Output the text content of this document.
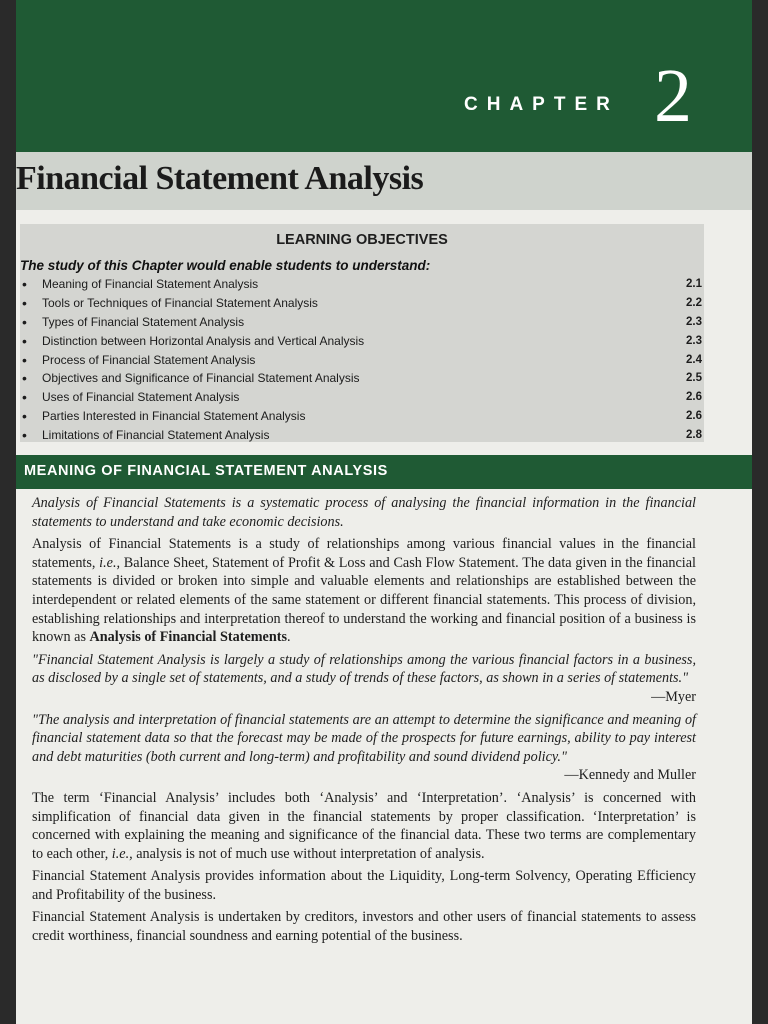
CHAPTER 2
Financial Statement Analysis
LEARNING OBJECTIVES
The study of this Chapter would enable students to understand:
•	Meaning of Financial Statement Analysis	2.1
•	Tools or Techniques of Financial Statement Analysis	2.2
•	Types of Financial Statement Analysis	2.3
•	Distinction between Horizontal Analysis and Vertical Analysis	2.3
•	Process of Financial Statement Analysis	2.4
•	Objectives and Significance of Financial Statement Analysis	2.5
•	Uses of Financial Statement Analysis	2.6
•	Parties Interested in Financial Statement Analysis	2.6
•	Limitations of Financial Statement Analysis	2.8
MEANING OF FINANCIAL STATEMENT ANALYSIS

Analysis of Financial Statements is a systematic process of analysing the financial information in the financial statements to understand and take economic decisions.

Analysis of Financial Statements is a study of relationships among various financial values in the financial statements, i.e., Balance Sheet, Statement of Profit & Loss and Cash Flow Statement. The data given in the financial statements is divided or broken into simple and valuable elements and relationships are established between the interdependent or related elements of the same statement or different financial statements. This process of division, establishing relationships and interpretation thereof to understand the working and financial position of a business is known as Analysis of Financial Statements.

"Financial Statement Analysis is largely a study of relationships among the various financial factors in a business, as disclosed by a single set of statements, and a study of trends of these factors, as shown in a series of statements."

—Myer

"The analysis and interpretation of financial statements are an attempt to determine the significance and meaning of financial statement data so that the forecast may be made of the prospects for future earnings, ability to pay interest and debt maturities (both current and long-term) and profitability and sound dividend policy."

—Kennedy and Muller

The term ‘Financial Analysis’ includes both ‘Analysis’ and ‘Interpretation’. ‘Analysis’ is concerned with simplification of financial data given in the financial statements by proper classification. ‘Interpretation’ is concerned with explaining the meaning and significance of the financial data. These two terms are complementary to each other, i.e., analysis is not of much use without interpretation of analysis.

Financial Statement Analysis provides information about the Liquidity, Long-term Solvency, Operating Efficiency and Profitability of the business.

Financial Statement Analysis is undertaken by creditors, investors and other users of financial statements to assess credit worthiness, financial soundness and earning potential of the business.
